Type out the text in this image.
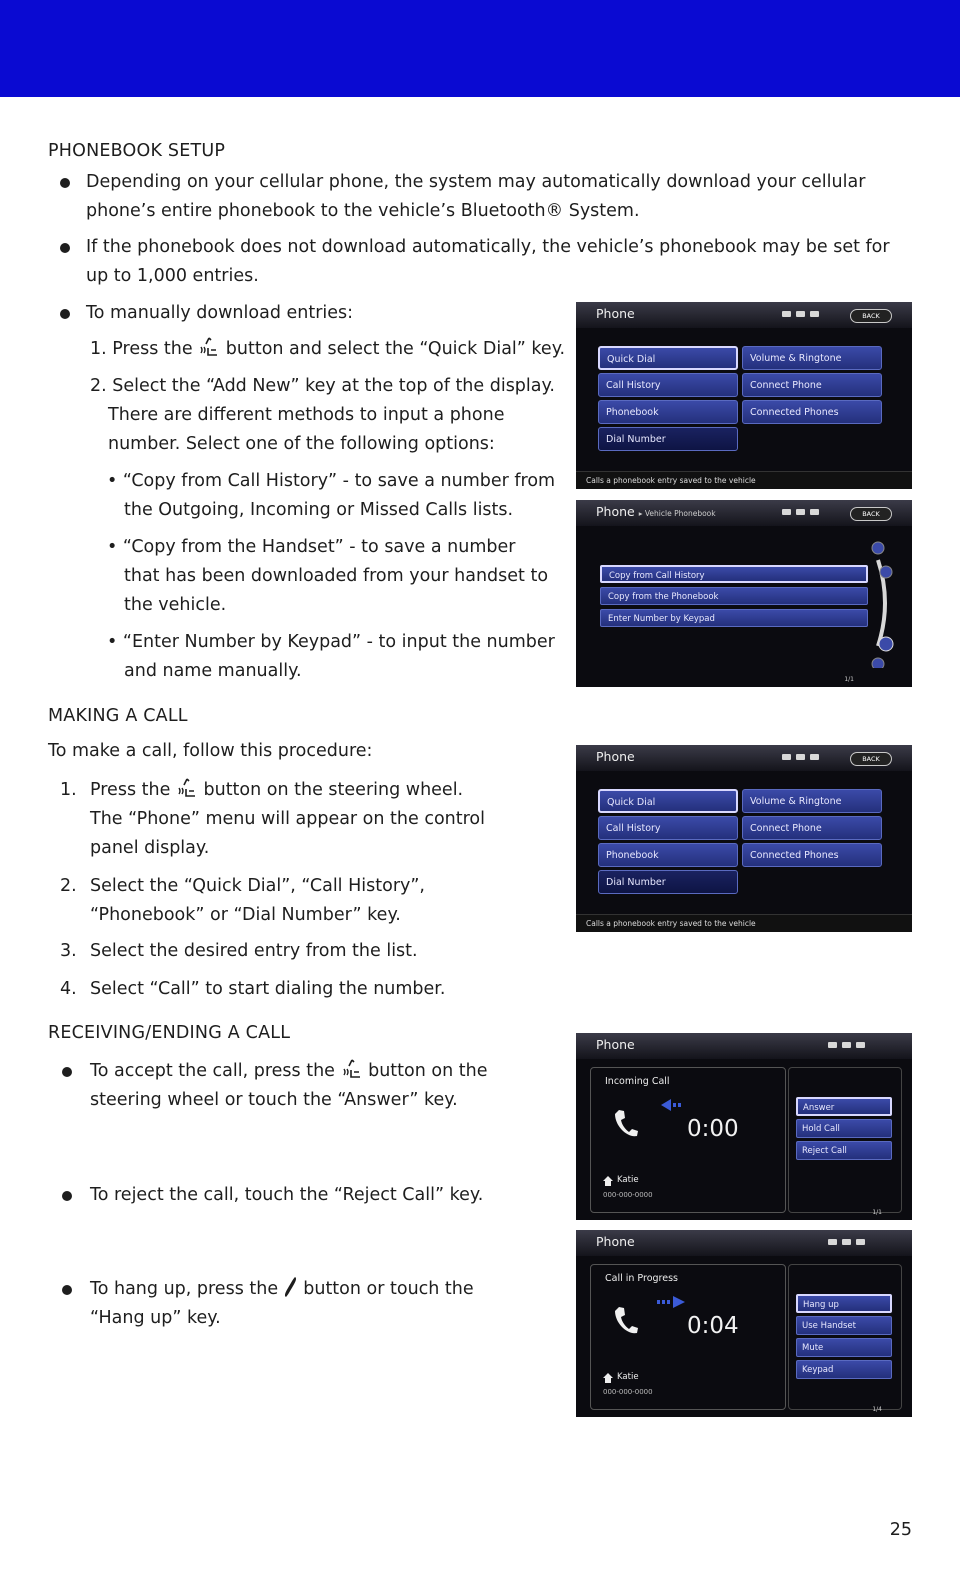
PHONEBOOK SETUP
Depending on your cellular phone, the system may automatically download your cellular
phone’s entire phonebook to the vehicle’s Bluetooth® System.
If the phonebook does not download automatically, the vehicle’s phonebook may be set for
up to 1,000 entries.
To manually download entries:
1. Press the button and select the “Quick Dial” key.
2. Select the “Add New” key at the top of the display.
There are different methods to input a phone
number. Select one of the following options:
• “Copy from Call History” - to save a number from
the Outgoing, Incoming or Missed Calls lists.
• “Copy from the Handset” - to save a number
that has been downloaded from your handset to
the vehicle.
• “Enter Number by Keypad” - to input the number
and name manually.
MAKING A CALL
To make a call, follow this procedure:
1. Press the button on the steering wheel.
The “Phone” menu will appear on the control
panel display.
2. Select the “Quick Dial”, “Call History”,
“Phonebook” or “Dial Number” key.
3. Select the desired entry from the list.
4. Select “Call” to start dialing the number.
RECEIVING/ENDING A CALL
To accept the call, press the button on the
steering wheel or touch the “Answer” key.
To reject the call, touch the “Reject Call” key.
To hang up, press the button or touch the
“Hang up” key.
Phone	BACK
Quick Dial
Call History
Phonebook
Dial Number
Volume & Ringtone
Connect Phone
Connected Phones
Calls a phonebook entry saved to the vehicle
Phone ▸ Vehicle Phonebook	BACK
Copy from Call History
Copy from the Phonebook
Enter Number by Keypad
1/1
Phone	BACK
Quick Dial
Call History
Phonebook
Dial Number
Volume & Ringtone
Connect Phone
Connected Phones
Calls a phonebook entry saved to the vehicle
Phone
Incoming Call
0:00
Katie
000-000-0000
Answer
Hold Call
Reject Call
1/1
Phone
Call in Progress
0:04
Katie
000-000-0000
Hang up
Use Handset
Mute
Keypad
1/4
25
